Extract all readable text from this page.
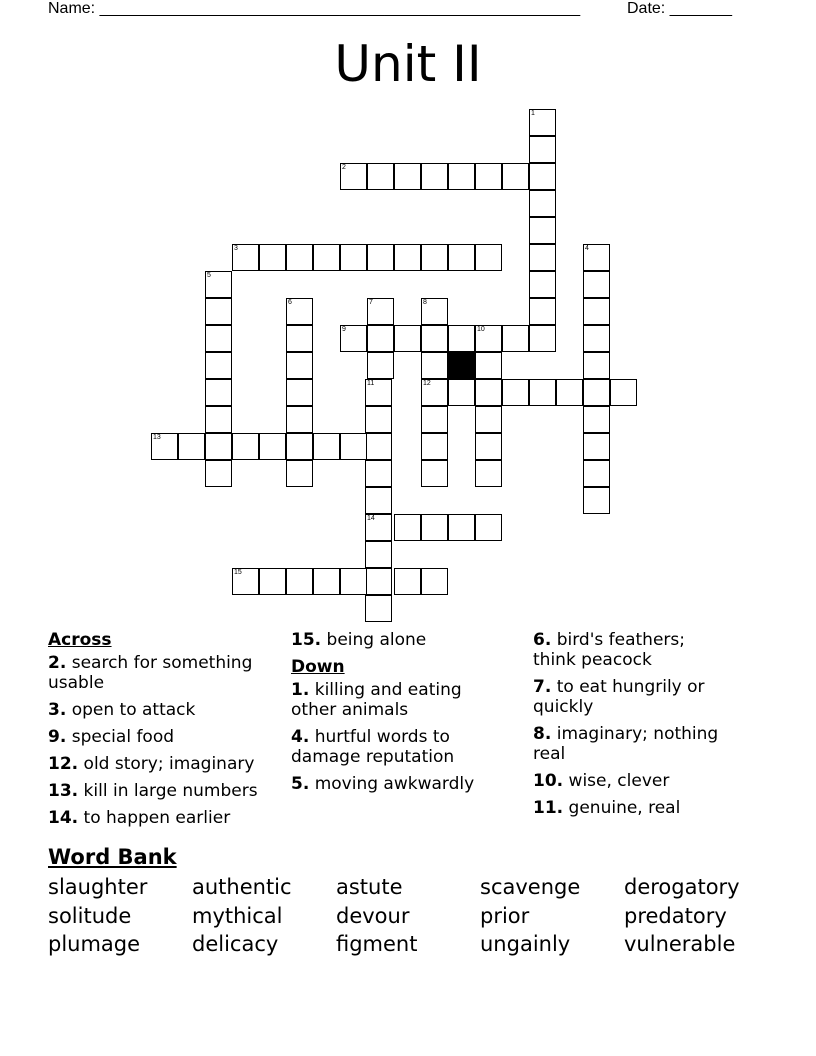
Name: ______________________________________________________	Date: _______
Unit II
1
2
3	4
5
6	7
11
8
12
9	10
14
13
15
Across
2. search for something usable
3. open to attack
9. special food
12. old story; imaginary
13. kill in large numbers
14. to happen earlier
15. being alone
Down
1. killing and eating other animals
4. hurtful words to damage reputation
5. moving awkwardly
6. bird's feathers; think peacock
7. to eat hungrily or quickly
8. imaginary; nothing real
10. wise, clever
11. genuine, real
Word Bank
slaughter authentic astute	scavenge derogatory
solitude	mythical	devour	prior	predatory
plumage delicacy	figment	ungainly	vulnerable
